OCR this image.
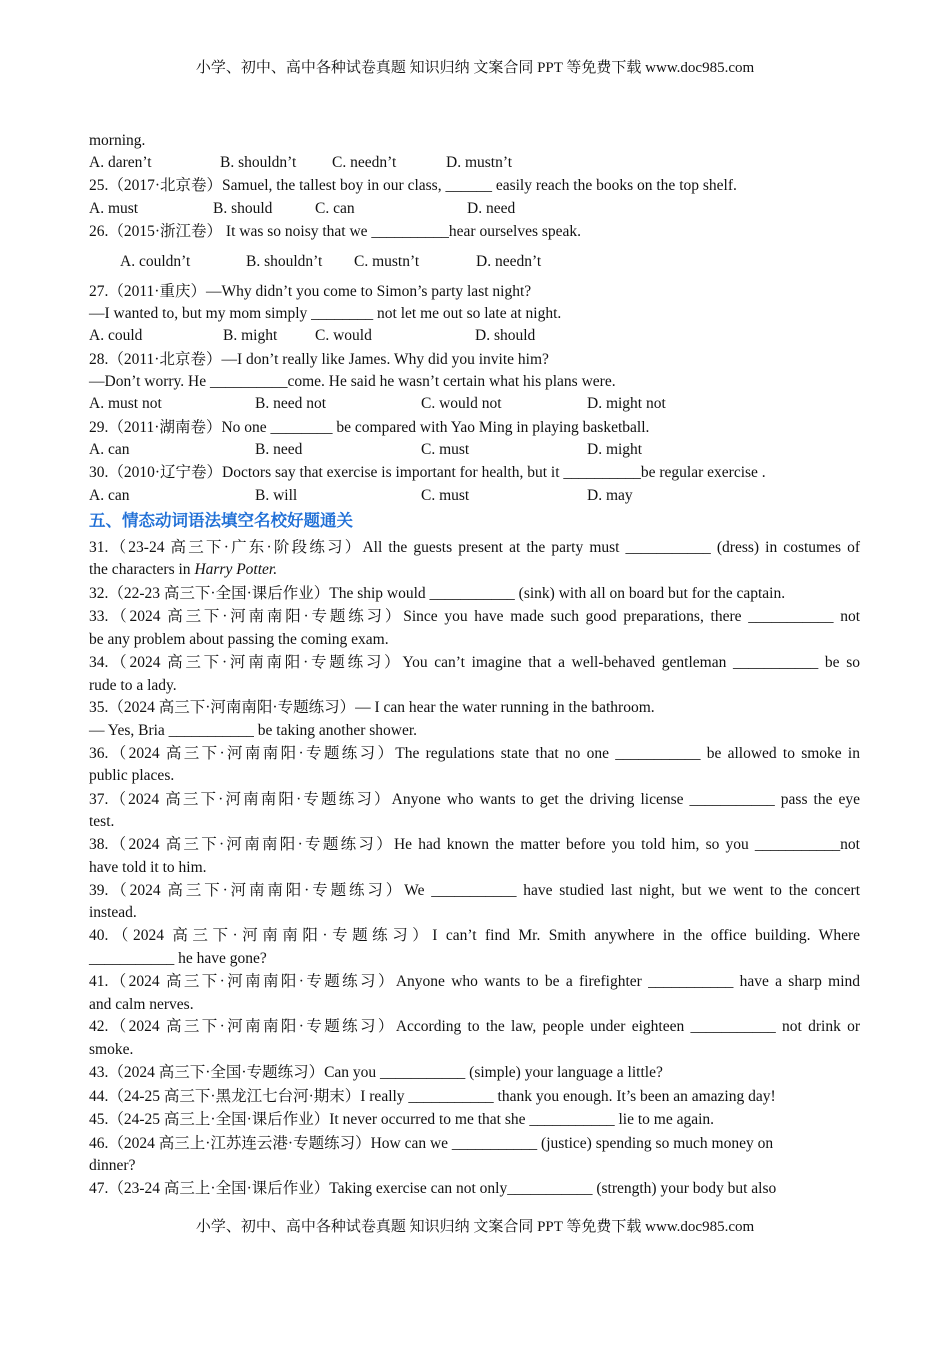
小学、初中、高中各种试卷真题 知识归纳 文案合同 PPT 等免费下载 www.doc985.com
morning.
A. daren’t	B. shouldn’t C. needn’t	D. mustn’t
25.（2017·北京卷）Samuel, the tallest boy in our class, ______ easily reach the books on the top shelf.
A. must	B. should	C. can	D. need
26.（2015·浙江卷） It was so noisy that we __________hear ourselves speak.
A. couldn’t	B. shouldn’t C. mustn’t	D. needn’t
27.（2011·重庆）—Why didn’t you come to Simon’s party last night?
—I wanted to, but my mom simply ________ not let me out so late at night.
A. could	B. might C. would	D. should
28.（2011·北京卷）—I don’t really like James. Why did you invite him?
—Don’t worry. He __________come. He said he wasn’t certain what his plans were.
A. must not	B. need not	C. would not	D. might not
29.（2011·湖南卷）No one ________ be compared with Yao Ming in playing basketball.
A. can	B. need	C. must	D. might
30.（2010·辽宁卷）Doctors say that exercise is important for health, but it __________be regular exercise .
A. can	B. will	C. must	D. may
五、情态动词语法填空名校好题通关
31.（23-24 高三下·广东·阶段练习）All the guests present at the party must ___________ (dress) in costumes of
the characters in Harry Potter.
32.（22-23 高三下·全国·课后作业）The ship would ___________ (sink) with all on board but for the captain.
33.（2024 高三下·河南南阳·专题练习）Since you have made such good preparations, there ___________ not
be any problem about passing the coming exam.
34.（2024 高三下·河南南阳·专题练习）You can’t imagine that a well-behaved gentleman ___________ be so
rude to a lady.
35.（2024 高三下·河南南阳·专题练习）— I can hear the water running in the bathroom.
— Yes, Bria ___________ be taking another shower.
36.（2024 高三下·河南南阳·专题练习）The regulations state that no one ___________ be allowed to smoke in
public places.
37.（2024 高三下·河南南阳·专题练习）Anyone who wants to get the driving license ___________ pass the eye
test.
38.（2024 高三下·河南南阳·专题练习）He had known the matter before you told him, so you ___________not
have told it to him.
39.（2024 高三下·河南南阳·专题练习）We ___________ have studied last night, but we went to the concert
instead.
40.（2024 高三下·河南南阳·专题练习）I can’t find Mr. Smith anywhere in the office building. Where
___________ he have gone?
41.（2024 高三下·河南南阳·专题练习）Anyone who wants to be a firefighter ___________ have a sharp mind
and calm nerves.
42.（2024 高三下·河南南阳·专题练习）According to the law, people under eighteen ___________ not drink or
smoke.
43.（2024 高三下·全国·专题练习）Can you ___________ (simple) your language a little?
44.（24-25 高三下·黑龙江七台河·期末）I really ___________ thank you enough. It’s been an amazing day!
45.（24-25 高三上·全国·课后作业）It never occurred to me that she ___________ lie to me again.
46.（2024 高三上·江苏连云港·专题练习）How can we ___________ (justice) spending so much money on
dinner?
47.（23-24 高三上·全国·课后作业）Taking exercise can not only___________ (strength) your body but also
小学、初中、高中各种试卷真题 知识归纳 文案合同 PPT 等免费下载 www.doc985.com
